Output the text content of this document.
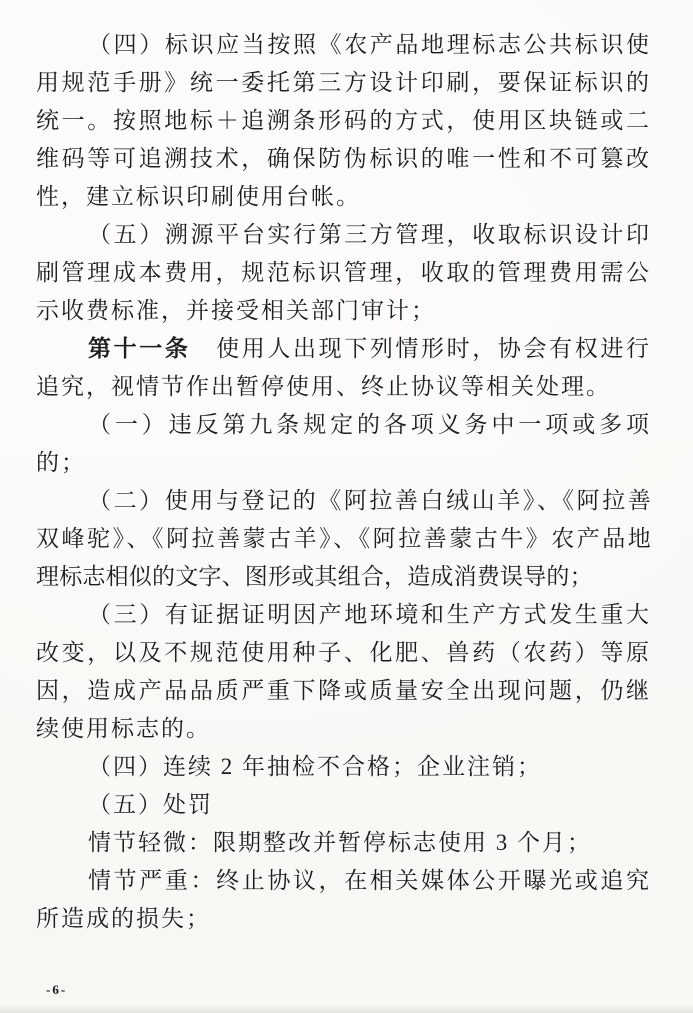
（四）标识应当按照《农产品地理标志公共标识使
用规范手册》统一委托第三方设计印刷，要保证标识的
统一。按照地标＋追溯条形码的方式，使用区块链或二
维码等可追溯技术，确保防伪标识的唯一性和不可篡改
性，建立标识印刷使用台帐。
（五）溯源平台实行第三方管理，收取标识设计印
刷管理成本费用，规范标识管理，收取的管理费用需公
示收费标准，并接受相关部门审计；
第十一条　使用人出现下列情形时，协会有权进行
追究，视情节作出暂停使用、终止协议等相关处理。
（一）违反第九条规定的各项义务中一项或多项
的；
（二）使用与登记的《阿拉善白绒山羊》、《阿拉善
双峰驼》、《阿拉善蒙古羊》、《阿拉善蒙古牛》农产品地
理标志相似的文字、图形或其组合，造成消费误导的；
（三）有证据证明因产地环境和生产方式发生重大
改变，以及不规范使用种子、化肥、兽药（农药）等原
因，造成产品品质严重下降或质量安全出现问题，仍继
续使用标志的。
（四）连续 2 年抽检不合格；企业注销；
（五）处罚
情节轻微：限期整改并暂停标志使用 3 个月；
情节严重：终止协议，在相关媒体公开曝光或追究
所造成的损失；
-6-
